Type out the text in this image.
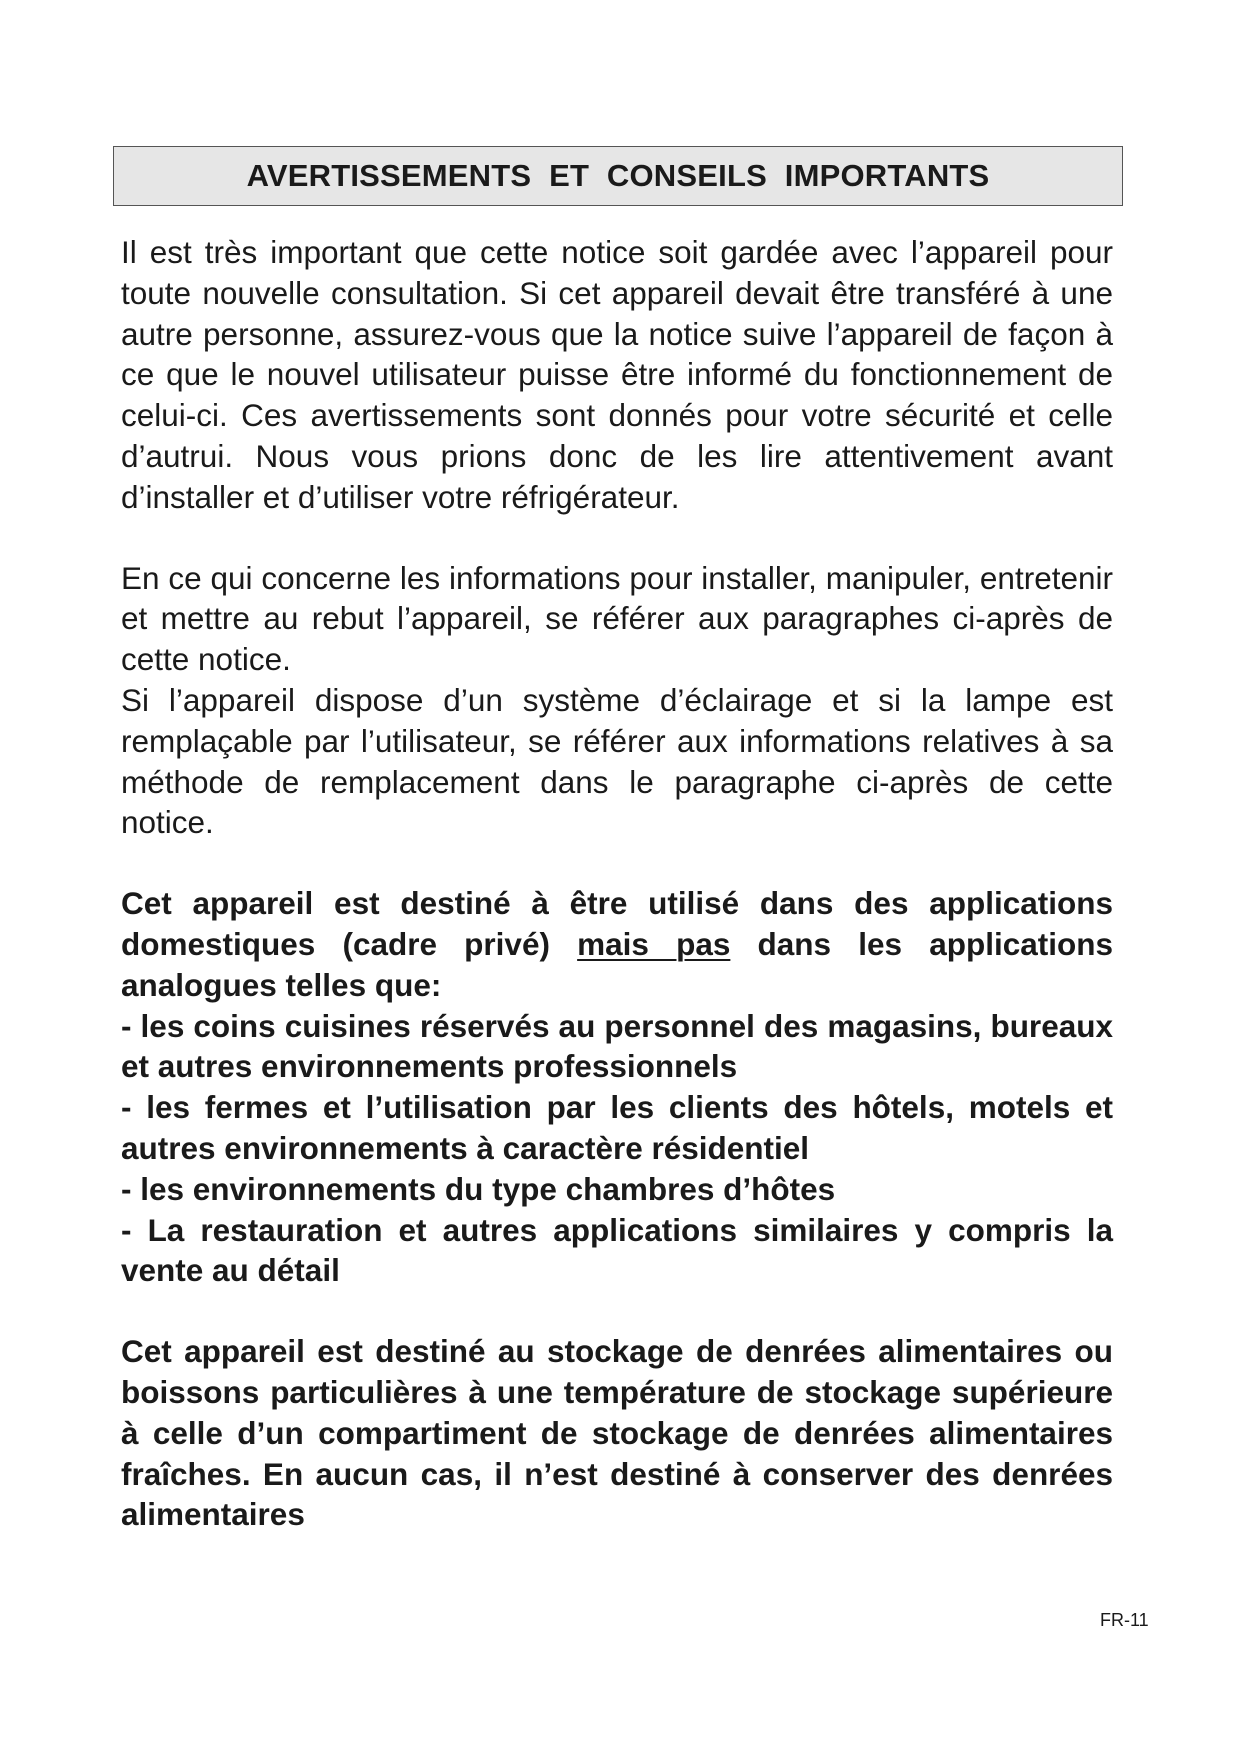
AVERTISSEMENTS ET CONSEILS IMPORTANTS

Il est très important que cette notice soit gardée avec l’appareil pour toute nouvelle consultation. Si cet appareil devait être transféré à une autre personne, assurez-vous que la notice suive l’appareil de façon à ce que le nouvel utilisateur puisse être informé du fonctionnement de celui-ci. Ces avertissements sont donnés pour votre sécurité et celle d’autrui. Nous vous prions donc de les lire attentivement avant d’installer et d’utiliser votre réfrigérateur.

En ce qui concerne les informations pour installer, manipuler, entretenir et mettre au rebut l’appareil, se référer aux paragraphes ci-après de cette notice.

Si l’appareil dispose d’un système d’éclairage et si la lampe est remplaçable par l’utilisateur, se référer aux informations relatives à sa méthode de remplacement dans le paragraphe ci-après de cette notice.

Cet appareil est destiné à être utilisé dans des applications domestiques (cadre privé) mais pas dans les applications analogues telles que:

- les coins cuisines réservés au personnel des magasins, bureaux et autres environnements professionnels

- les fermes et l’utilisation par les clients des hôtels, motels et autres environnements à caractère résidentiel

- les environnements du type chambres d’hôtes

- La restauration et autres applications similaires y compris la vente au détail

Cet appareil est destiné au stockage de denrées alimentaires ou boissons particulières à une température de stockage supérieure à celle d’un compartiment de stockage de denrées alimentaires fraîches. En aucun cas, il n’est destiné à conserver des denrées alimentaires

FR-11
